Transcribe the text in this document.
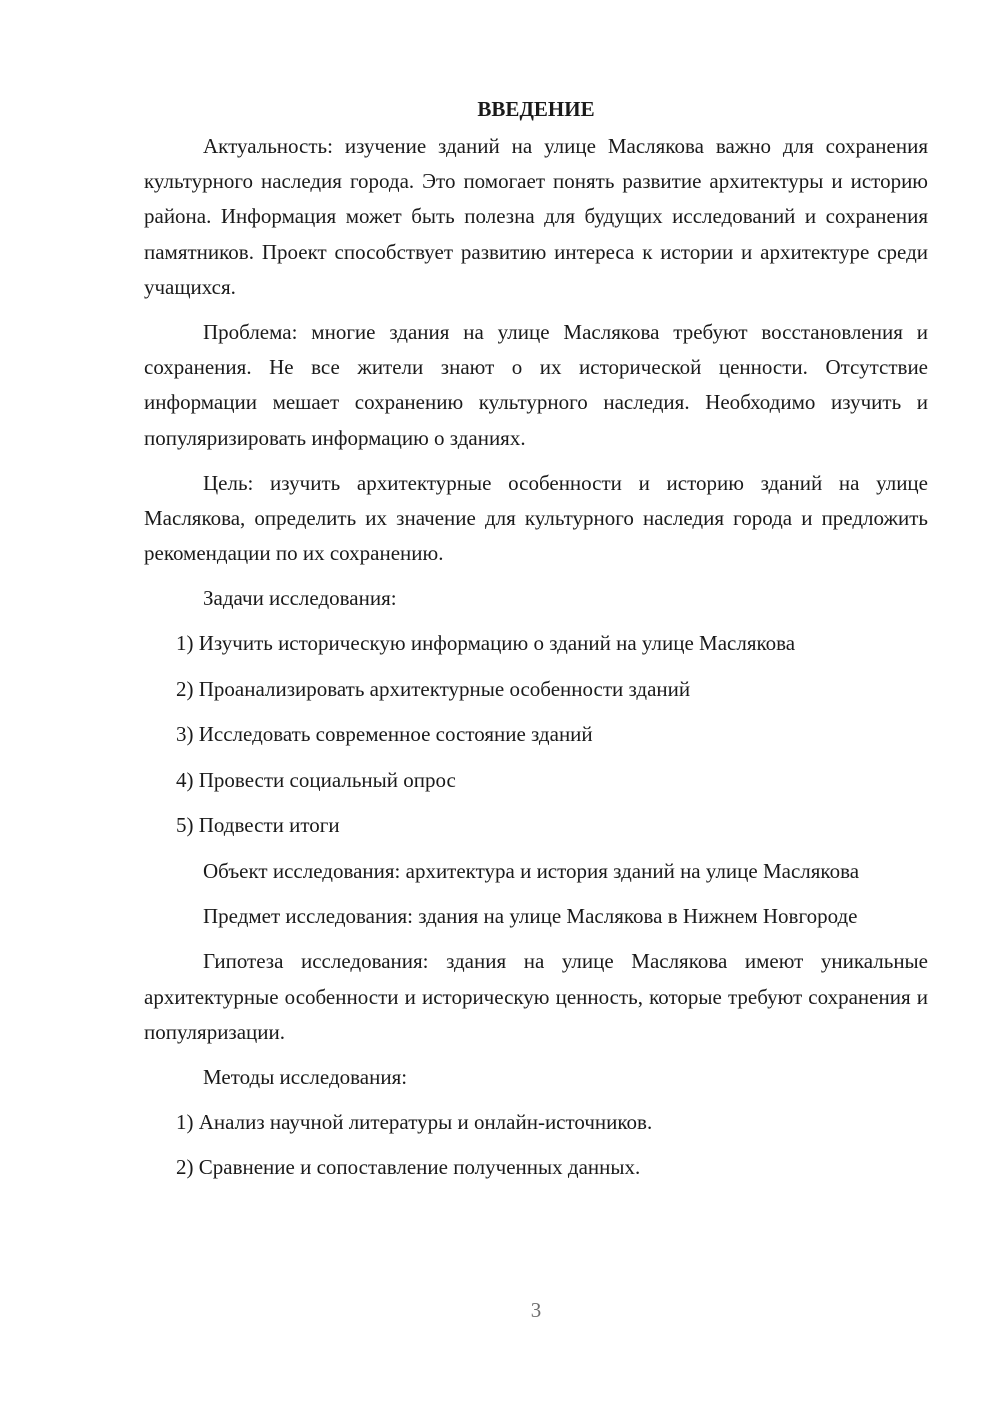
ВВЕДЕНИЕ

Актуальность: изучение зданий на улице Маслякова важно для сохранения культурного наследия города. Это помогает понять развитие архитектуры и историю района. Информация может быть полезна для будущих исследований и сохранения памятников. Проект способствует развитию интереса к истории и архитектуре среди учащихся.

Проблема: многие здания на улице Маслякова требуют восстановления и сохранения. Не все жители знают о их исторической ценности. Отсутствие информации мешает сохранению культурного наследия. Необходимо изучить и популяризировать информацию о зданиях.

Цель: изучить архитектурные особенности и историю зданий на улице Маслякова, определить их значение для культурного наследия города и предложить рекомендации по их сохранению.

Задачи исследования:

1) Изучить историческую информацию о зданий на улице Маслякова

2) Проанализировать архитектурные особенности зданий

3) Исследовать современное состояние зданий

4) Провести социальный опрос

5) Подвести итоги

Объект исследования: архитектура и история зданий на улице Маслякова

Предмет исследования: здания на улице Маслякова в Нижнем Новгороде

Гипотеза исследования: здания на улице Маслякова имеют уникальные архитектурные особенности и историческую ценность, которые требуют сохранения и популяризации.

Методы исследования:

1) Анализ научной литературы и онлайн-источников.

2) Сравнение и сопоставление полученных данных.

3
